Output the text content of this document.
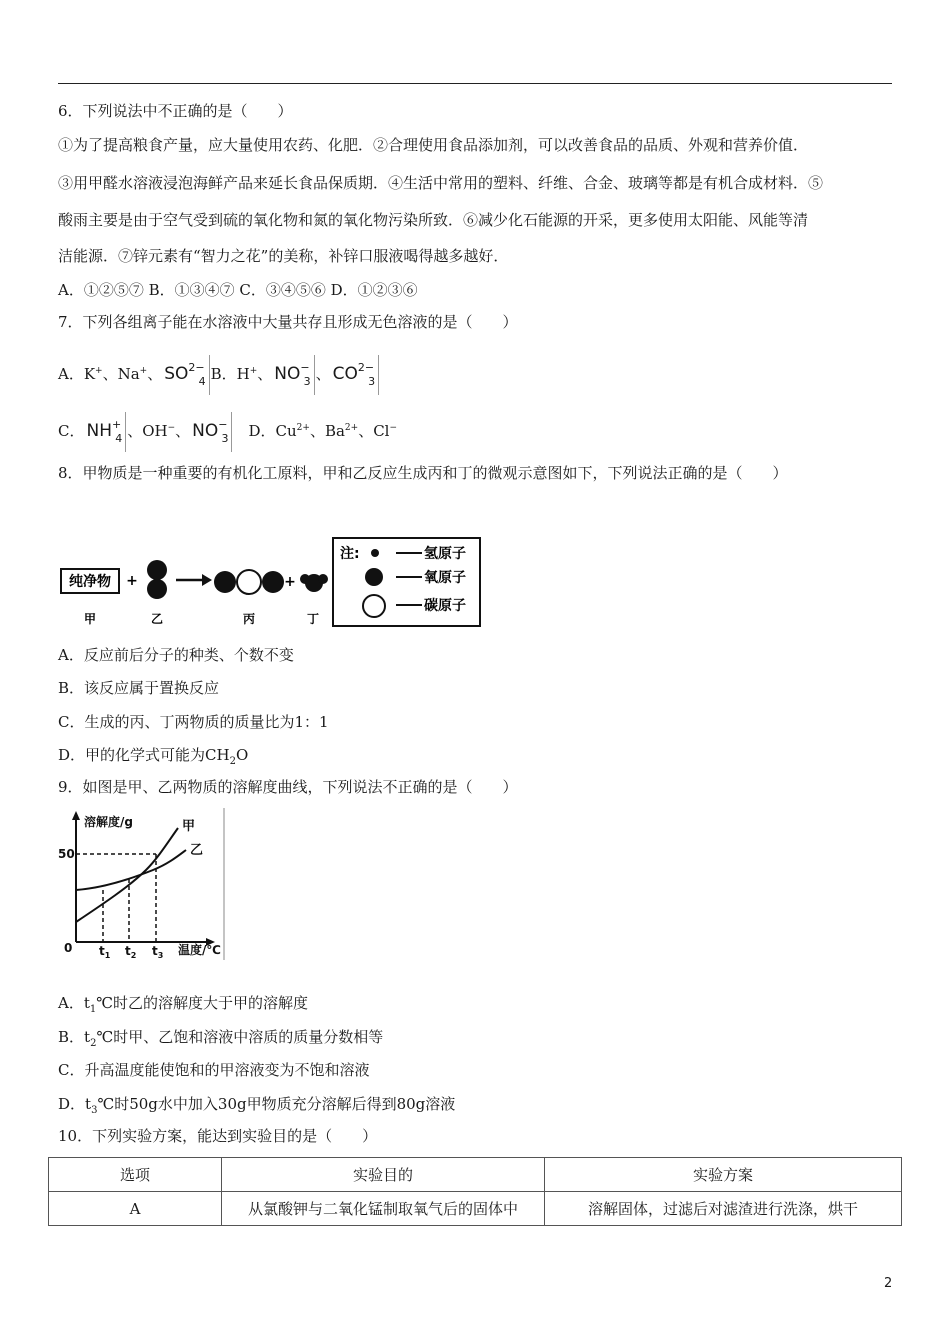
6．下列说法中不正确的是（　　）
①为了提高粮食产量，应大量使用农药、化肥．②合理使用食品添加剂，可以改善食品的品质、外观和营养价值．
③用甲醛水溶液浸泡海鲜产品来延长食品保质期．④生活中常用的塑料、纤维、合金、玻璃等都是有机合成材料．⑤
酸雨主要是由于空气受到硫的氧化物和氮的氧化物污染所致．⑥减少化石能源的开采，更多使用太阳能、风能等清
洁能源．⑦锌元素有“智力之花”的美称，补锌口服液喝得越多越好．
A．①②⑤⑦ B．①③④⑦ C．③④⑤⑥ D．①②③⑥
7．下列各组离子能在水溶液中大量共存且形成无色溶液的是（　　）
A．K+、Na+、 $SO^{2-}_4$ B．H+、 $NO^-_3$ 、 $CO^{2-}_3$
C． $NH^+_4$ 、OH−、 $NO^-_3$　D．$Cu^{2+}$、$Ba^{2+}$、Cl−
8．甲物质是一种重要的有机化工原料，甲和乙反应生成丙和丁的微观示意图如下，下列说法正确的是（　　）
纯净物
甲
+
乙	丙
+
丁
注:	氢原子
氧原子
碳原子
A．反应前后分子的种类、个数不变
B．该反应属于置换反应
C．生成的丙、丁两物质的质量比为1：1
D．甲的化学式可能为$CH_2O$
9．如图是甲、乙两物质的溶解度曲线，下列说法不正确的是（　　）
溶解度/g
50
0	温度/℃
甲
乙
$t_1$ $t_2$ $t_3$
A．$t_1℃$时乙的溶解度大于甲的溶解度
B．$t_2℃$时甲、乙饱和溶液中溶质的质量分数相等
C．升高温度能使饱和的甲溶液变为不饱和溶液
D．$t_3℃$时50g水中加入30g甲物质充分溶解后得到80g溶液
10．下列实验方案，能达到实验目的是（　　）
选项	实验目的	实验方案
A	从氯酸钾与二氧化锰制取氧气后的固体中	溶解固体，过滤后对滤渣进行洗涤，烘干
2
